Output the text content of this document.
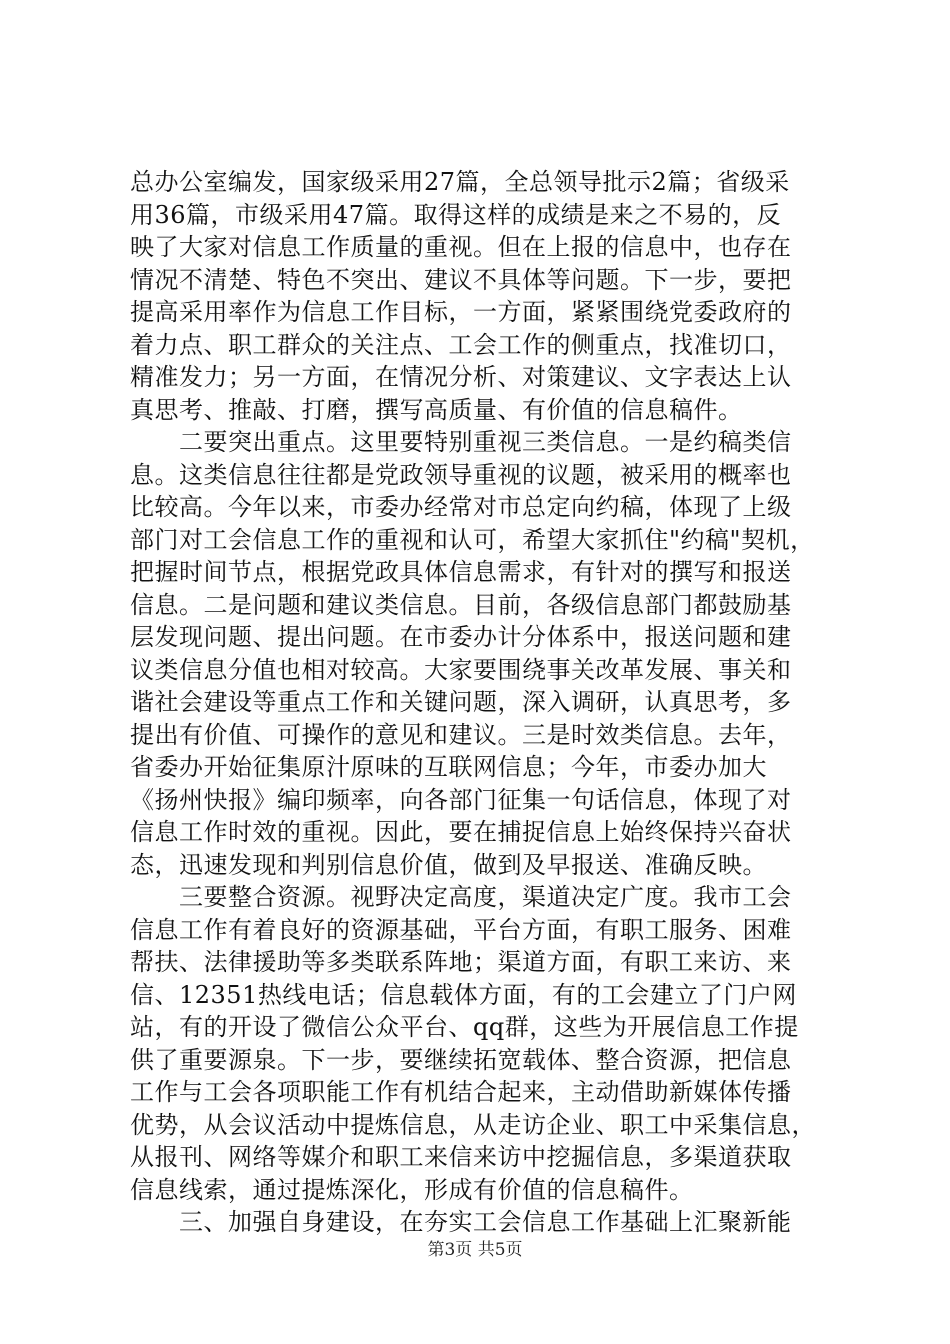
总办公室编发，国家级采用27篇，全总领导批示2篇；省级采
用36篇，市级采用47篇。取得这样的成绩是来之不易的，反
映了大家对信息工作质量的重视。但在上报的信息中，也存在
情况不清楚、特色不突出、建议不具体等问题。下一步，要把
提高采用率作为信息工作目标，一方面，紧紧围绕党委政府的
着力点、职工群众的关注点、工会工作的侧重点，找准切口，
精准发力；另一方面，在情况分析、对策建议、文字表达上认
真思考、推敲、打磨，撰写高质量、有价值的信息稿件。
　　二要突出重点。这里要特别重视三类信息。一是约稿类信
息。这类信息往往都是党政领导重视的议题，被采用的概率也
比较高。今年以来，市委办经常对市总定向约稿，体现了上级
部门对工会信息工作的重视和认可，希望大家抓住"约稿"契机，
把握时间节点，根据党政具体信息需求，有针对的撰写和报送
信息。二是问题和建议类信息。目前，各级信息部门都鼓励基
层发现问题、提出问题。在市委办计分体系中，报送问题和建
议类信息分值也相对较高。大家要围绕事关改革发展、事关和
谐社会建设等重点工作和关键问题，深入调研，认真思考，多
提出有价值、可操作的意见和建议。三是时效类信息。去年，
省委办开始征集原汁原味的互联网信息；今年，市委办加大
《扬州快报》编印频率，向各部门征集一句话信息，体现了对
信息工作时效的重视。因此，要在捕捉信息上始终保持兴奋状
态，迅速发现和判别信息价值，做到及早报送、准确反映。
　　三要整合资源。视野决定高度，渠道决定广度。我市工会
信息工作有着良好的资源基础，平台方面，有职工服务、困难
帮扶、法律援助等多类联系阵地；渠道方面，有职工来访、来
信、12351热线电话；信息载体方面，有的工会建立了门户网
站，有的开设了微信公众平台、qq群，这些为开展信息工作提
供了重要源泉。下一步，要继续拓宽载体、整合资源，把信息
工作与工会各项职能工作有机结合起来，主动借助新媒体传播
优势，从会议活动中提炼信息，从走访企业、职工中采集信息，
从报刊、网络等媒介和职工来信来访中挖掘信息，多渠道获取
信息线索，通过提炼深化，形成有价值的信息稿件。
　　三、加强自身建设，在夯实工会信息工作基础上汇聚新能
第3页 共5页
